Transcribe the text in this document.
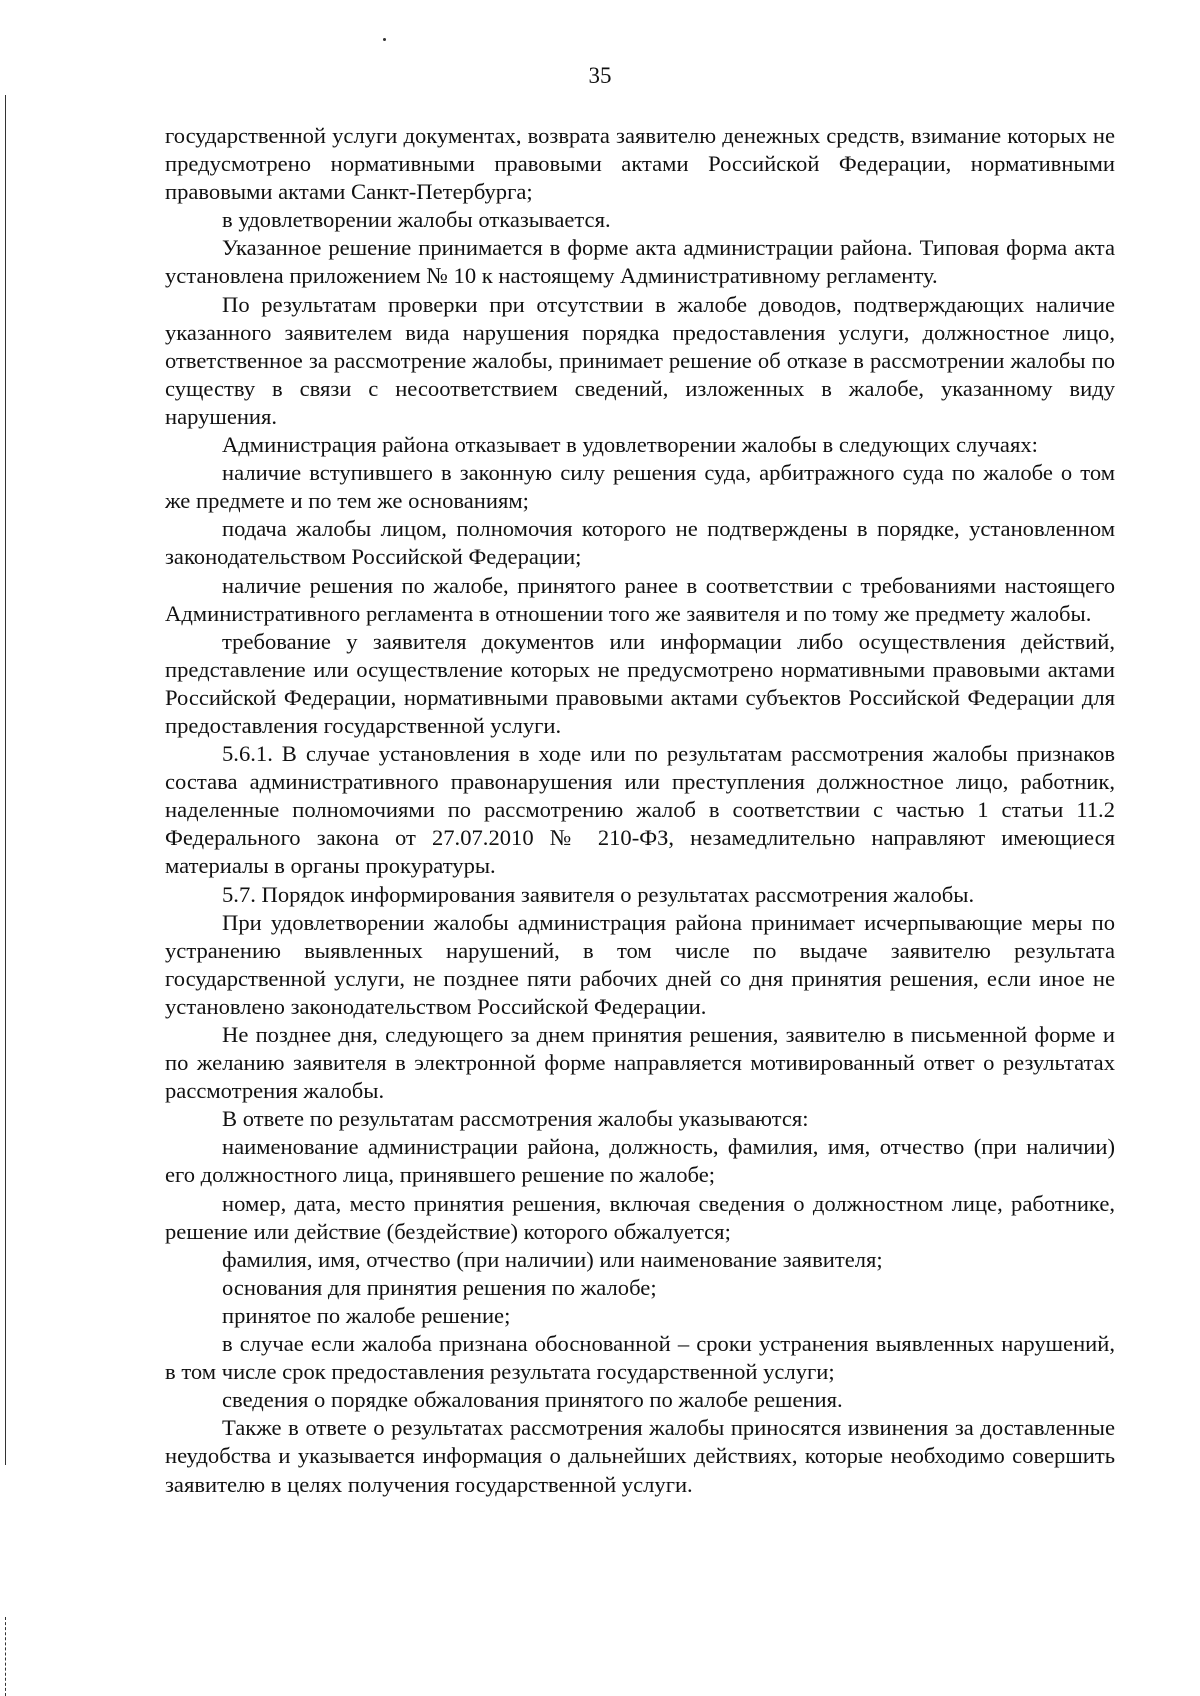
35

государственной услуги документах, возврата заявителю денежных средств, взимание которых не предусмотрено нормативными правовыми актами Российской Федерации, нормативными правовыми актами Санкт-Петербурга;

в удовлетворении жалобы отказывается.

Указанное решение принимается в форме акта администрации района. Типовая форма акта установлена приложением № 10 к настоящему Административному регламенту.

По результатам проверки при отсутствии в жалобе доводов, подтверждающих наличие указанного заявителем вида нарушения порядка предоставления услуги, должностное лицо, ответственное за рассмотрение жалобы, принимает решение об отказе в рассмотрении жалобы по существу в связи с несоответствием сведений, изложенных в жалобе, указанному виду нарушения.

Администрация района отказывает в удовлетворении жалобы в следующих случаях:

наличие вступившего в законную силу решения суда, арбитражного суда по жалобе о том же предмете и по тем же основаниям;

подача жалобы лицом, полномочия которого не подтверждены в порядке, установленном законодательством Российской Федерации;

наличие решения по жалобе, принятого ранее в соответствии с требованиями настоящего Административного регламента в отношении того же заявителя и по тому же предмету жалобы.

требование у заявителя документов или информации либо осуществления действий, представление или осуществление которых не предусмотрено нормативными правовыми актами Российской Федерации, нормативными правовыми актами субъектов Российской Федерации для предоставления государственной услуги.

5.6.1. В случае установления в ходе или по результатам рассмотрения жалобы признаков состава административного правонарушения или преступления должностное лицо, работник, наделенные полномочиями по рассмотрению жалоб в соответствии с частью 1 статьи 11.2 Федерального закона от 27.07.2010 № 210-ФЗ, незамедлительно направляют имеющиеся материалы в органы прокуратуры.

5.7. Порядок информирования заявителя о результатах рассмотрения жалобы.

При удовлетворении жалобы администрация района принимает исчерпывающие меры по устранению выявленных нарушений, в том числе по выдаче заявителю результата государственной услуги, не позднее пяти рабочих дней со дня принятия решения, если иное не установлено законодательством Российской Федерации.

Не позднее дня, следующего за днем принятия решения, заявителю в письменной форме и по желанию заявителя в электронной форме направляется мотивированный ответ о результатах рассмотрения жалобы.

В ответе по результатам рассмотрения жалобы указываются:

наименование администрации района, должность, фамилия, имя, отчество (при наличии) его должностного лица, принявшего решение по жалобе;

номер, дата, место принятия решения, включая сведения о должностном лице, работнике, решение или действие (бездействие) которого обжалуется;

фамилия, имя, отчество (при наличии) или наименование заявителя;

основания для принятия решения по жалобе;

принятое по жалобе решение;

в случае если жалоба признана обоснованной – сроки устранения выявленных нарушений, в том числе срок предоставления результата государственной услуги;

сведения о порядке обжалования принятого по жалобе решения.

Также в ответе о результатах рассмотрения жалобы приносятся извинения за доставленные неудобства и указывается информация о дальнейших действиях, которые необходимо совершить заявителю в целях получения государственной услуги.
